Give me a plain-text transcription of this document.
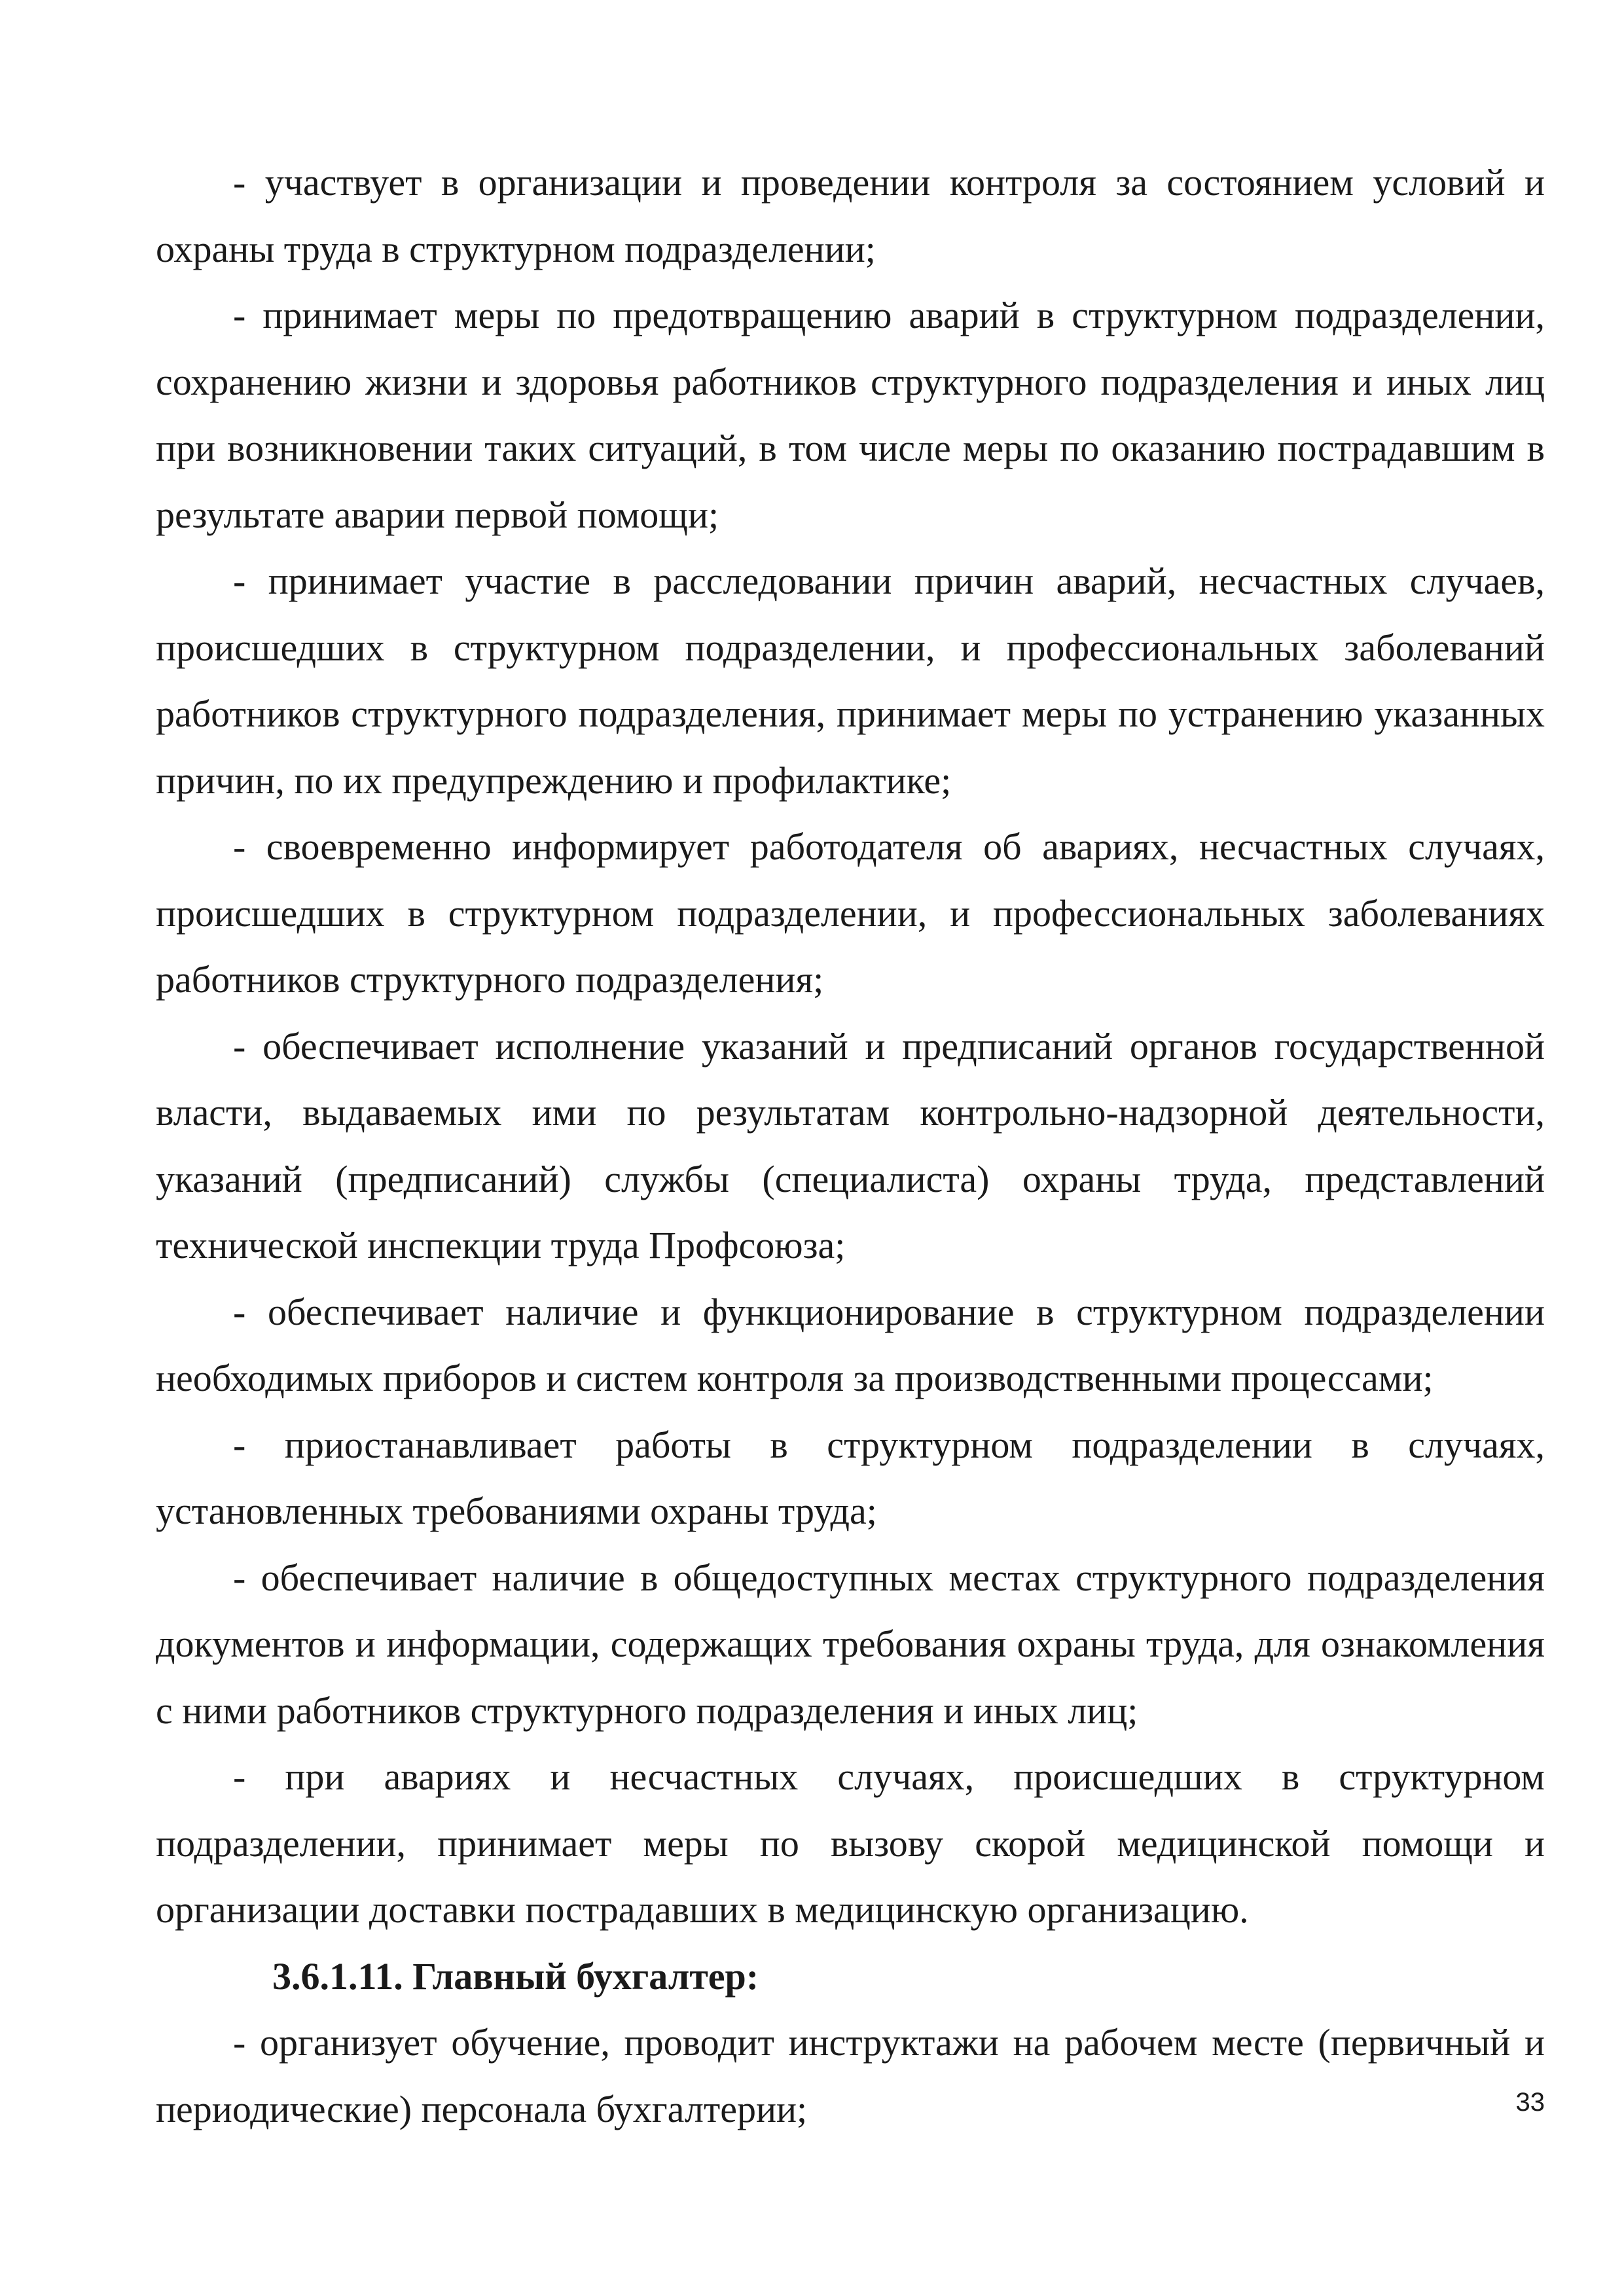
- участвует в организации и проведении контроля за состоянием условий и охраны труда в структурном подразделении;

- принимает меры по предотвращению аварий в структурном подразделении, сохранению жизни и здоровья работников структурного подразделения и иных лиц при возникновении таких ситуаций, в том числе меры по оказанию пострадавшим в результате аварии первой помощи;

- принимает участие в расследовании причин аварий, несчастных случаев, происшедших в структурном подразделении, и профессиональных заболеваний работников структурного подразделения, принимает меры по устранению указанных причин, по их предупреждению и профилактике;

- своевременно информирует работодателя об авариях, несчастных случаях, происшедших в структурном подразделении, и профессиональных заболеваниях работников структурного подразделения;

- обеспечивает исполнение указаний и предписаний органов государственной власти, выдаваемых ими по результатам контрольно-надзорной деятельности, указаний (предписаний) службы (специалиста) охраны труда, представлений технической инспекции труда Профсоюза;

- обеспечивает наличие и функционирование в структурном подразделении необходимых приборов и систем контроля за производственными процессами;

- приостанавливает работы в структурном подразделении в случаях, установленных требованиями охраны труда;

- обеспечивает наличие в общедоступных местах структурного подразделения документов и информации, содержащих требования охраны труда, для ознакомления с ними работников структурного подразделения и иных лиц;

- при авариях и несчастных случаях, происшедших в структурном подразделении, принимает меры по вызову скорой медицинской помощи и организации доставки пострадавших в медицинскую организацию.

3.6.1.11. Главный бухгалтер:

- организует обучение, проводит инструктажи на рабочем месте (первичный и периодические) персонала бухгалтерии;	33
